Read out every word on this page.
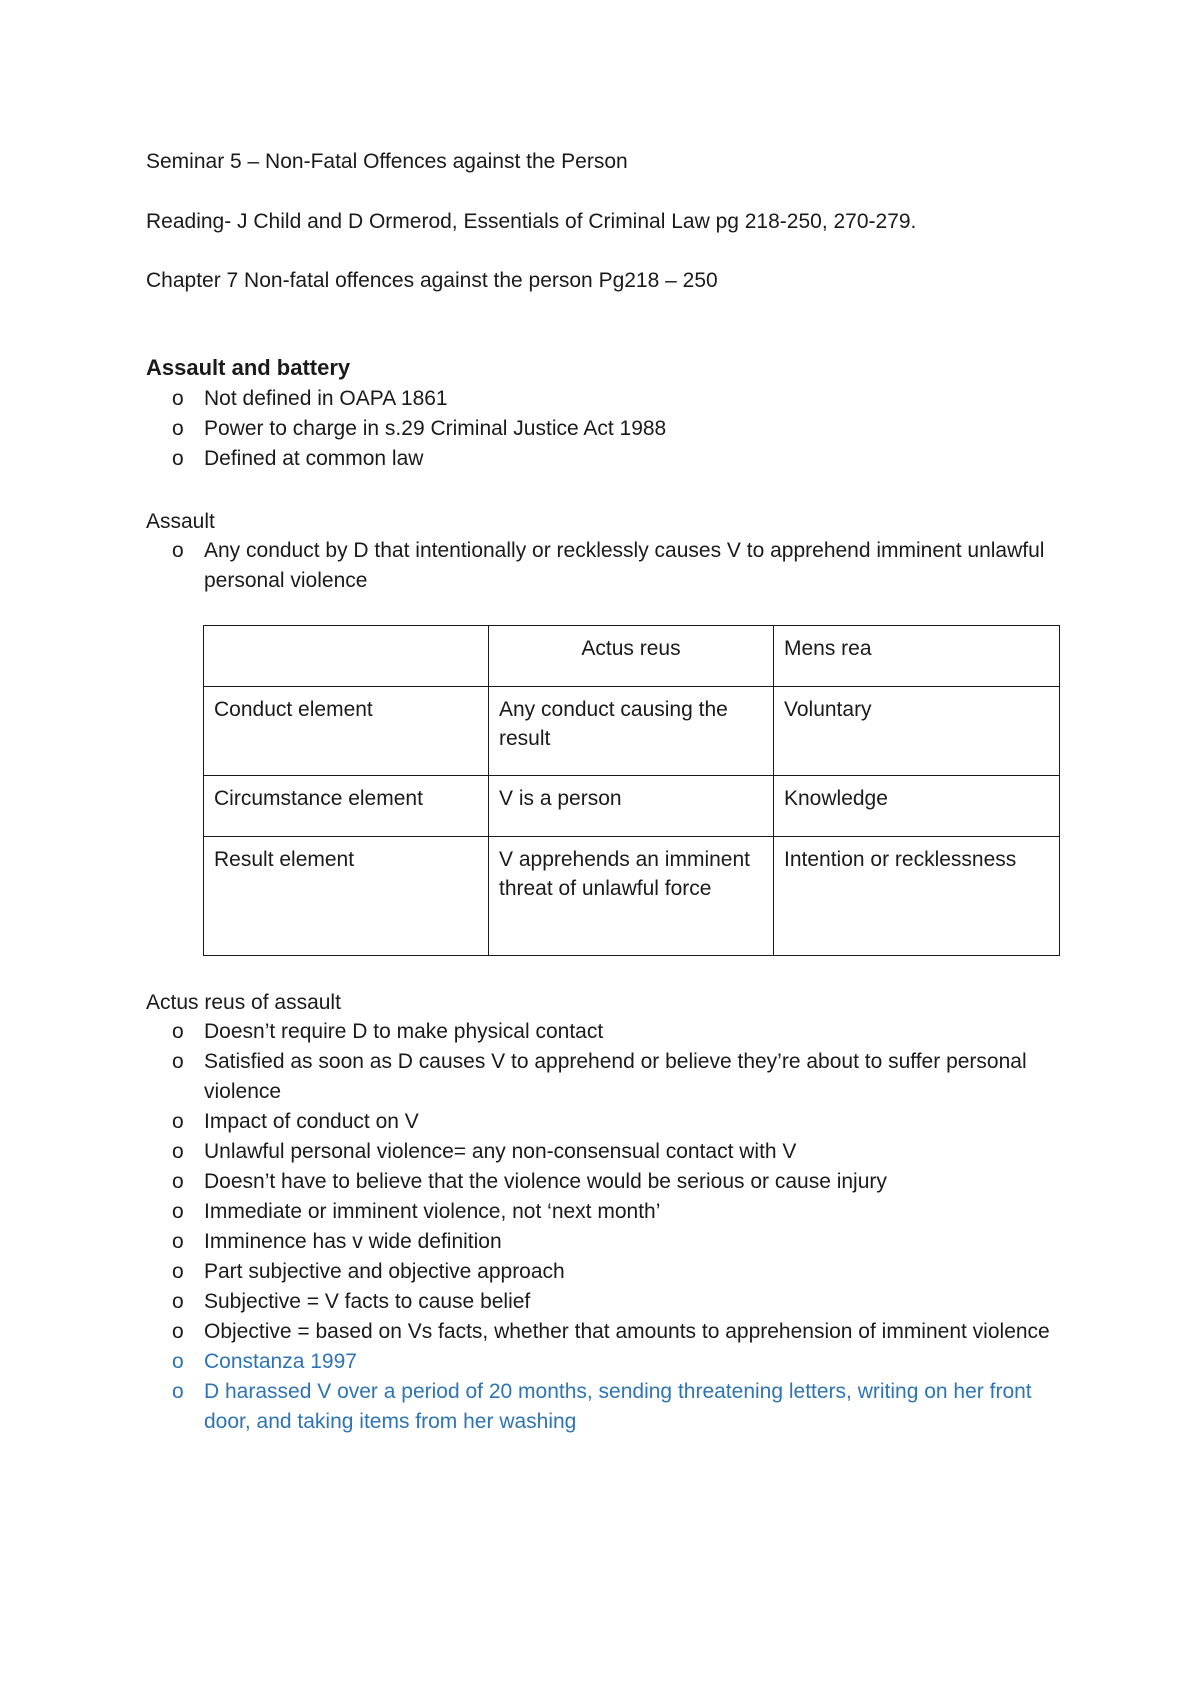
Seminar 5 – Non-Fatal Offences against the Person
Reading- J Child and D Ormerod, Essentials of Criminal Law pg 218-250, 270-279.
Chapter 7 Non-fatal offences against the person Pg218 – 250
Assault and battery
o Not defined in OAPA 1861
o Power to charge in s.29 Criminal Justice Act 1988
o Defined at common law
Assault
o Any conduct by D that intentionally or recklessly causes V to apprehend imminent unlawful personal violence
	Actus reus	Mens rea
Conduct element	Any conduct causing the result	Voluntary
Circumstance element	V is a person	Knowledge
Result element	V apprehends an imminent threat of unlawful force	Intention or recklessness
Actus reus of assault
o Doesn’t require D to make physical contact
o Satisfied as soon as D causes V to apprehend or believe they’re about to suffer personal violence
o Impact of conduct on V
o Unlawful personal violence= any non-consensual contact with V
o Doesn’t have to believe that the violence would be serious or cause injury
o Immediate or imminent violence, not ‘next month’
o Imminence has v wide definition
o Part subjective and objective approach
o Subjective = V facts to cause belief
o Objective = based on Vs facts, whether that amounts to apprehension of imminent violence
o Constanza 1997
o D harassed V over a period of 20 months, sending threatening letters, writing on her front door, and taking items from her washing
